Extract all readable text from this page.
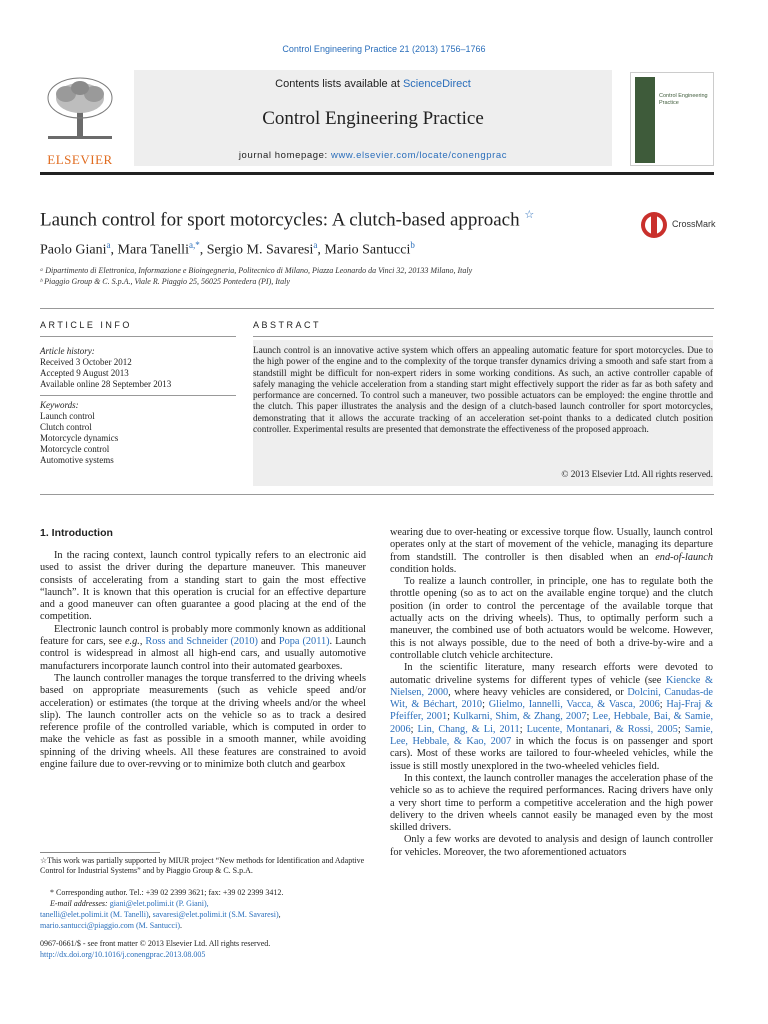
Control Engineering Practice 21 (2013) 1756–1766
ELSEVIER
Contents lists available at ScienceDirect
Control Engineering Practice
journal homepage: www.elsevier.com/locate/conengprac
Control Engineering Practice
Launch control for sport motorcycles: A clutch-based approach ☆
CrossMark
Paolo Giani$^a$, Mara Tanelli$^{a,*}$, Sergio M. Savaresi$^a$, Mario Santucci$^b$
ᵃ Dipartimento di Elettronica, Informazione e Bioingegneria, Politecnico di Milano, Piazza Leonardo da Vinci 32, 20133 Milano, Italy
ᵇ Piaggio Group & C. S.p.A., Viale R. Piaggio 25, 56025 Pontedera (PI), Italy
ARTICLE INFO	ABSTRACT
Article history:
Received 3 October 2012
Accepted 9 August 2013
Available online 28 September 2013
Keywords:
Launch control
Clutch control
Motorcycle dynamics
Motorcycle control
Automotive systems
Launch control is an innovative active system which offers an appealing automatic feature for sport motorcycles. Due to the high power of the engine and to the complexity of the torque transfer dynamics driving a smooth and safe start from a standstill might be difficult for non-expert riders in some working conditions. As such, an active controller capable of safely managing the vehicle acceleration from a standing start might effectively support the rider as far as both safety and performance are concerned. To control such a maneuver, two possible actuators can be employed: the engine throttle and the clutch. This paper illustrates the analysis and the design of a clutch-based launch controller for sport motorcycles, demonstrating that it allows the accurate tracking of an acceleration set-point thanks to a dedicated clutch position controller. Experimental results are presented that demonstrate the effectiveness of the proposed approach.
© 2013 Elsevier Ltd. All rights reserved.
1. Introduction

In the racing context, launch control typically refers to an electronic aid used to assist the driver during the departure maneuver. This maneuver consists of accelerating from a standing start to gain the most effective “launch”. It is known that this operation is crucial for an effective departure and a good maneuver can often guarantee a good placing at the end of the competition.

Electronic launch control is probably more commonly known as additional feature for cars, see e.g., Ross and Schneider (2010) and Popa (2011). Launch control is widespread in almost all high-end cars, and usually automotive manufacturers incorporate launch control into their automated gearboxes.

The launch controller manages the torque transferred to the driving wheels based on appropriate measurements (such as vehicle speed and/or acceleration) or estimates (the torque at the driving wheels and/or the wheel slip). The launch controller acts on the vehicle so as to track a desired reference profile of the controlled variable, which is computed in order to make the vehicle as fast as possible in a smooth manner, while avoiding spinning of the driving wheels. All these features are constrained to avoid engine failure due to over-revving or to minimize both clutch and gearbox

wearing due to over-heating or excessive torque flow. Usually, launch control operates only at the start of movement of the vehicle, managing its departure from standstill. The controller is then disabled when an end-of-launch condition holds.

To realize a launch controller, in principle, one has to regulate both the throttle opening (so as to act on the available engine torque) and the clutch position (in order to control the percentage of the available torque that actually acts on the driving wheels). Thus, to optimally perform such a maneuver, the combined use of both actuators would be welcome. However, this is not always possible, due to the need of both a drive-by-wire and a controllable clutch vehicle architecture.

In the scientific literature, many research efforts were devoted to automatic driveline systems for different types of vehicle (see Kiencke & Nielsen, 2000, where heavy vehicles are considered, or Dolcini, Canudas-de Wit, & Béchart, 2010; Glielmo, Iannelli, Vacca, & Vasca, 2006; Haj-Fraj & Pfeiffer, 2001; Kulkarni, Shim, & Zhang, 2007; Lee, Hebbale, Bai, & Samie, 2006; Lin, Chang, & Li, 2011; Lucente, Montanari, & Rossi, 2005; Samie, Lee, Hebbale, & Kao, 2007 in which the focus is on passenger and sport cars). Most of these works are tailored to four-wheeled vehicles, while the issue is still mostly unexplored in the two-wheeled vehicles field.

In this context, the launch controller manages the acceleration phase of the vehicle so as to achieve the required performances. Racing drivers have only a very short time to perform a competitive acceleration and the high power delivery to the driven wheels cannot easily be managed even by the most skilled drivers.

Only a few works are devoted to analysis and design of launch controller for vehicles. Moreover, the two aforementioned actuators

☆This work was partially supported by MIUR project “New methods for Identification and Adaptive Control for Industrial Systems” and by Piaggio Group & C. S.p.A.
* Corresponding author. Tel.: +39 02 2399 3621; fax: +39 02 2399 3412.
E-mail addresses: giani@elet.polimi.it (P. Giani),
tanelli@elet.polimi.it (M. Tanelli), savaresi@elet.polimi.it (S.M. Savaresi),
mario.santucci@piaggio.com (M. Santucci).
0967-0661/$ - see front matter © 2013 Elsevier Ltd. All rights reserved.
http://dx.doi.org/10.1016/j.conengprac.2013.08.005
